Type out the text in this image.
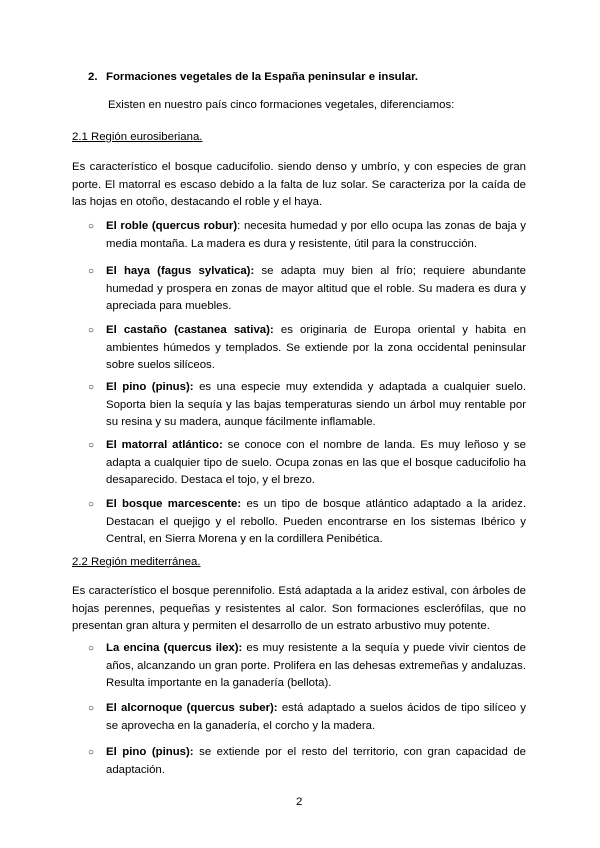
2. Formaciones vegetales de la España peninsular e insular.
Existen en nuestro país cinco formaciones vegetales, diferenciamos:
2.1 Región eurosiberiana.
Es característico el bosque caducifolio. siendo denso y umbrío, y con especies de gran porte. El matorral es escaso debido a la falta de luz solar. Se caracteriza por la caída de las hojas en otoño, destacando el roble y el haya.
○ El roble (quercus robur): necesita humedad y por ello ocupa las zonas de baja y media montaña. La madera es dura y resistente, útil para la construcción.
○ El haya (fagus sylvatica): se adapta muy bien al frío; requiere abundante humedad y prospera en zonas de mayor altitud que el roble. Su madera es dura y apreciada para muebles.
○ El castaño (castanea sativa): es originaria de Europa oriental y habita en ambientes húmedos y templados. Se extiende por la zona occidental peninsular sobre suelos silíceos.
○ El pino (pinus): es una especie muy extendida y adaptada a cualquier suelo. Soporta bien la sequía y las bajas temperaturas siendo un árbol muy rentable por su resina y su madera, aunque fácilmente inflamable.
○ El matorral atlántico: se conoce con el nombre de landa. Es muy leñoso y se adapta a cualquier tipo de suelo. Ocupa zonas en las que el bosque caducifolio ha desaparecido. Destaca el tojo, y el brezo.
○ El bosque marcescente: es un tipo de bosque atlántico adaptado a la aridez. Destacan el quejigo y el rebollo. Pueden encontrarse en los sistemas Ibérico y Central, en Sierra Morena y en la cordillera Penibética.
2.2 Región mediterránea.
Es característico el bosque perennifolio. Está adaptada a la aridez estival, con árboles de hojas perennes, pequeñas y resistentes al calor. Son formaciones esclerófilas, que no presentan gran altura y permiten el desarrollo de un estrato arbustivo muy potente.
○ La encina (quercus ilex): es muy resistente a la sequía y puede vivir cientos de años, alcanzando un gran porte. Prolifera en las dehesas extremeñas y andaluzas. Resulta importante en la ganadería (bellota).
○ El alcornoque (quercus suber): está adaptado a suelos ácidos de tipo silíceo y se aprovecha en la ganadería, el corcho y la madera.
○ El pino (pinus): se extiende por el resto del territorio, con gran capacidad de adaptación.
2
